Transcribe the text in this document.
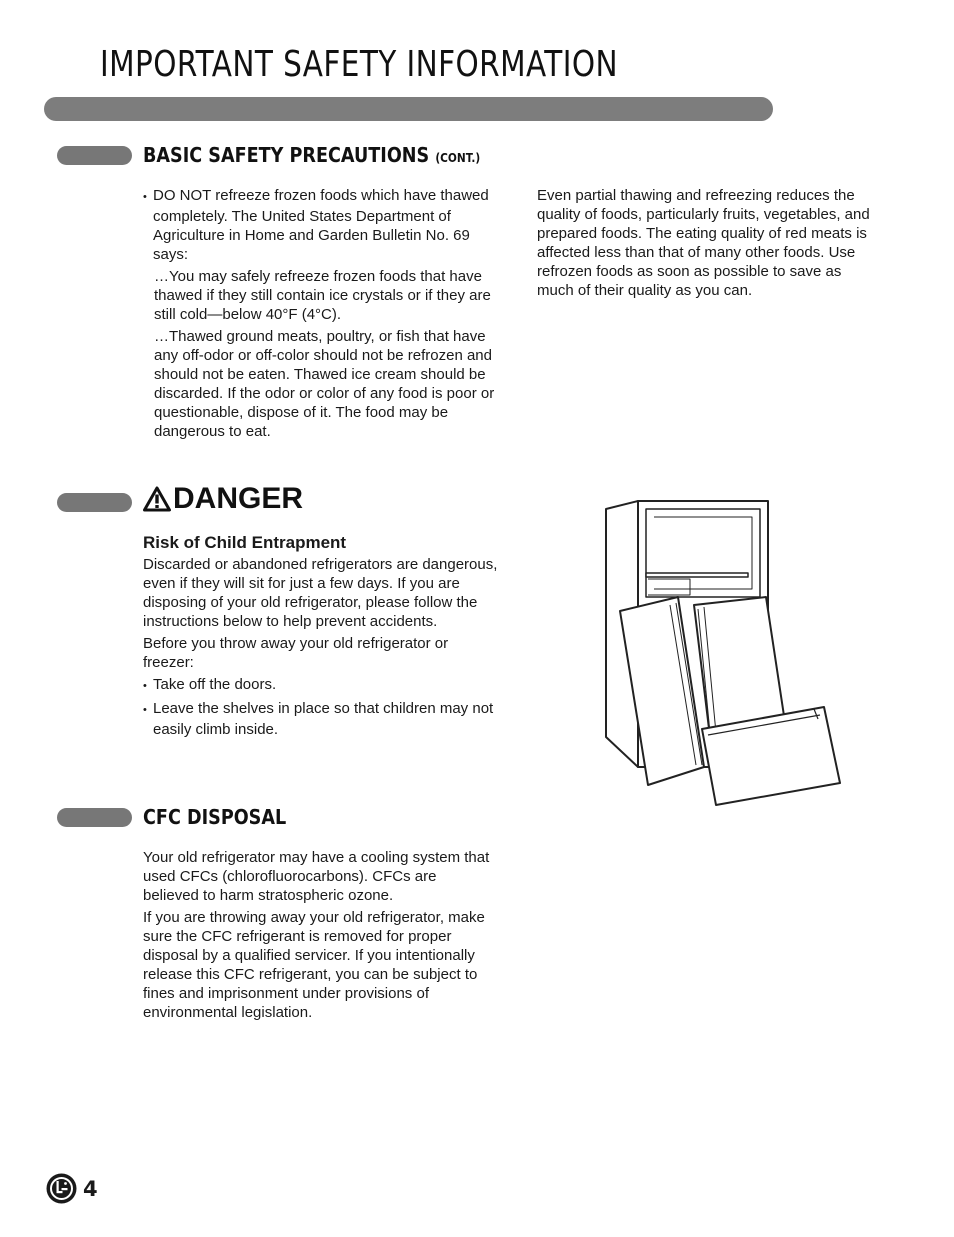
IMPORTANT SAFETY INFORMATION
BASIC SAFETY PRECAUTIONS (CONT.)

• DO NOT refreeze frozen foods which have thawed completely. The United States Department of Agriculture in Home and Garden Bulletin No. 69 says:

…You may safely refreeze frozen foods that have thawed if they still contain ice crystals or if they are still cold—below 40°F (4°C).

…Thawed ground meats, poultry, or fish that have any off-odor or off-color should not be refrozen and should not be eaten. Thawed ice cream should be discarded. If the odor or color of any food is poor or questionable, dispose of it. The food may be dangerous to eat.

Even partial thawing and refreezing reduces the quality of foods, particularly fruits, vegetables, and prepared foods. The eating quality of red meats is affected less than that of many other foods. Use refrozen foods as soon as possible to save as much of their quality as you can.

DANGER

Risk of Child Entrapment

Discarded or abandoned refrigerators are dangerous, even if they will sit for just a few days. If you are disposing of your old refrigerator, please follow the instructions below to help prevent accidents.

Before you throw away your old refrigerator or freezer:

• Take off the doors.

• Leave the shelves in place so that children may not easily climb inside.

CFC DISPOSAL

Your old refrigerator may have a cooling system that used CFCs (chlorofluorocarbons). CFCs are believed to harm stratospheric ozone.

If you are throwing away your old refrigerator, make sure the CFC refrigerant is removed for proper disposal by a qualified servicer. If you intentionally release this CFC refrigerant, you can be subject to fines and imprisonment under provisions of environmental legislation.

4
